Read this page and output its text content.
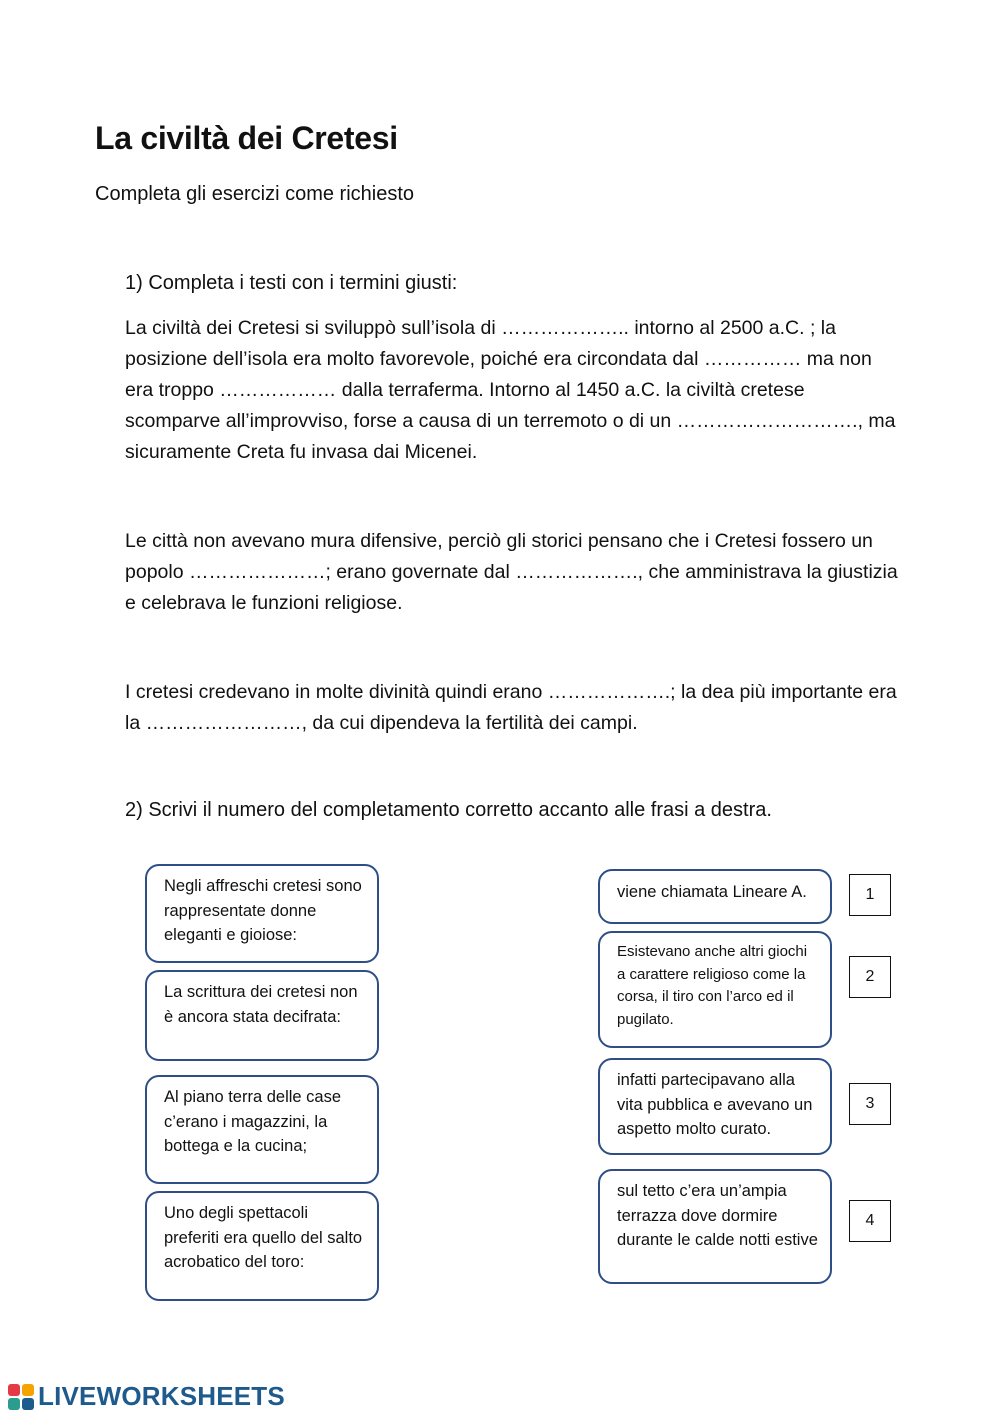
La civiltà dei Cretesi
Completa gli esercizi come richiesto
1) Completa i testi con i termini giusti:
La civiltà dei Cretesi si sviluppò sull’isola di ……………….. intorno al 2500 a.C. ; la posizione dell’isola era molto favorevole, poiché era circondata dal …………… ma non era troppo ……………… dalla terraferma. Intorno al 1450 a.C. la civiltà cretese scomparve all’improvviso, forse a causa di un terremoto o di un ………………………., ma sicuramente Creta fu invasa dai Micenei.
Le città non avevano mura difensive, perciò gli storici pensano che i Cretesi fossero un popolo …………………; erano governate dal ………………., che amministrava la giustizia e celebrava le funzioni religiose.
I cretesi credevano in molte divinità quindi erano ……………….; la dea più importante era la ……………………, da cui dipendeva la fertilità dei campi.
2) Scrivi il numero del completamento corretto accanto alle frasi a destra.
Negli affreschi cretesi sono rappresentate donne eleganti e gioiose:
La scrittura dei cretesi non è ancora stata decifrata:
Al piano terra delle case c’erano i magazzini, la bottega e la cucina;
Uno degli spettacoli preferiti era quello del salto acrobatico del toro:
viene chiamata Lineare A.
Esistevano anche altri giochi a carattere religioso come la corsa, il tiro con l’arco ed il pugilato.
infatti partecipavano alla vita pubblica e avevano un aspetto molto curato.
sul tetto c’era un’ampia terrazza dove dormire durante le calde notti estive
1
2
3
4
LIVEWORKSHEETS
